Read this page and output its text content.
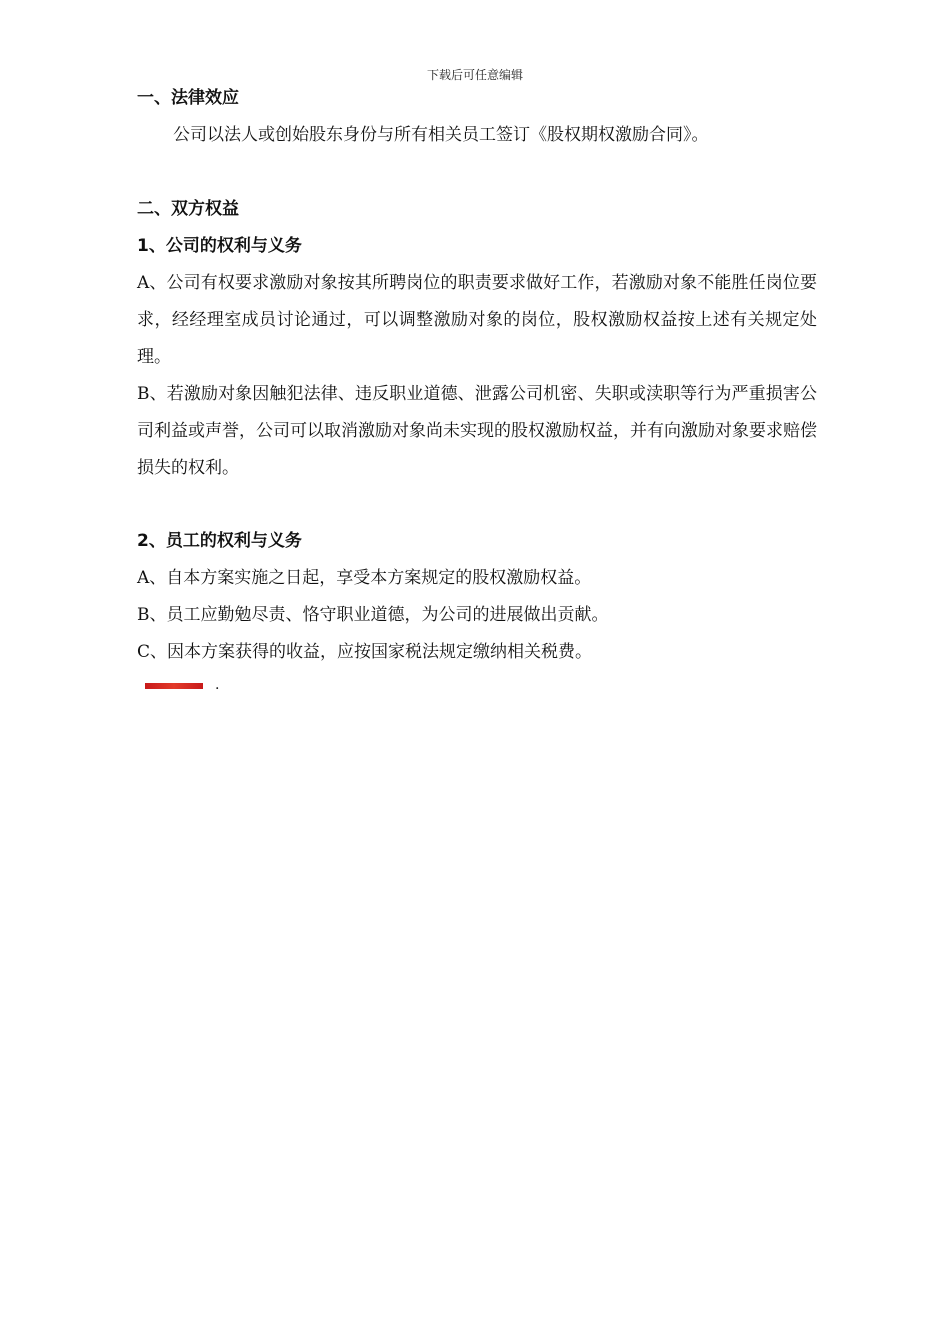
下载后可任意编辑

一、法律效应

公司以法人或创始股东身份与所有相关员工签订《股权期权激励合同》。

二、双方权益

1、公司的权利与义务

A、公司有权要求激励对象按其所聘岗位的职责要求做好工作，若激励对象不能胜任岗位要求，经经理室成员讨论通过，可以调整激励对象的岗位，股权激励权益按上述有关规定处理。

B、若激励对象因触犯法律、违反职业道德、泄露公司机密、失职或渎职等行为严重损害公司利益或声誉，公司可以取消激励对象尚未实现的股权激励权益，并有向激励对象要求赔偿损失的权利。

2、员工的权利与义务

A、自本方案实施之日起，享受本方案规定的股权激励权益。

B、员工应勤勉尽责、恪守职业道德，为公司的进展做出贡献。

C、因本方案获得的收益，应按国家税法规定缴纳相关税费。

.
